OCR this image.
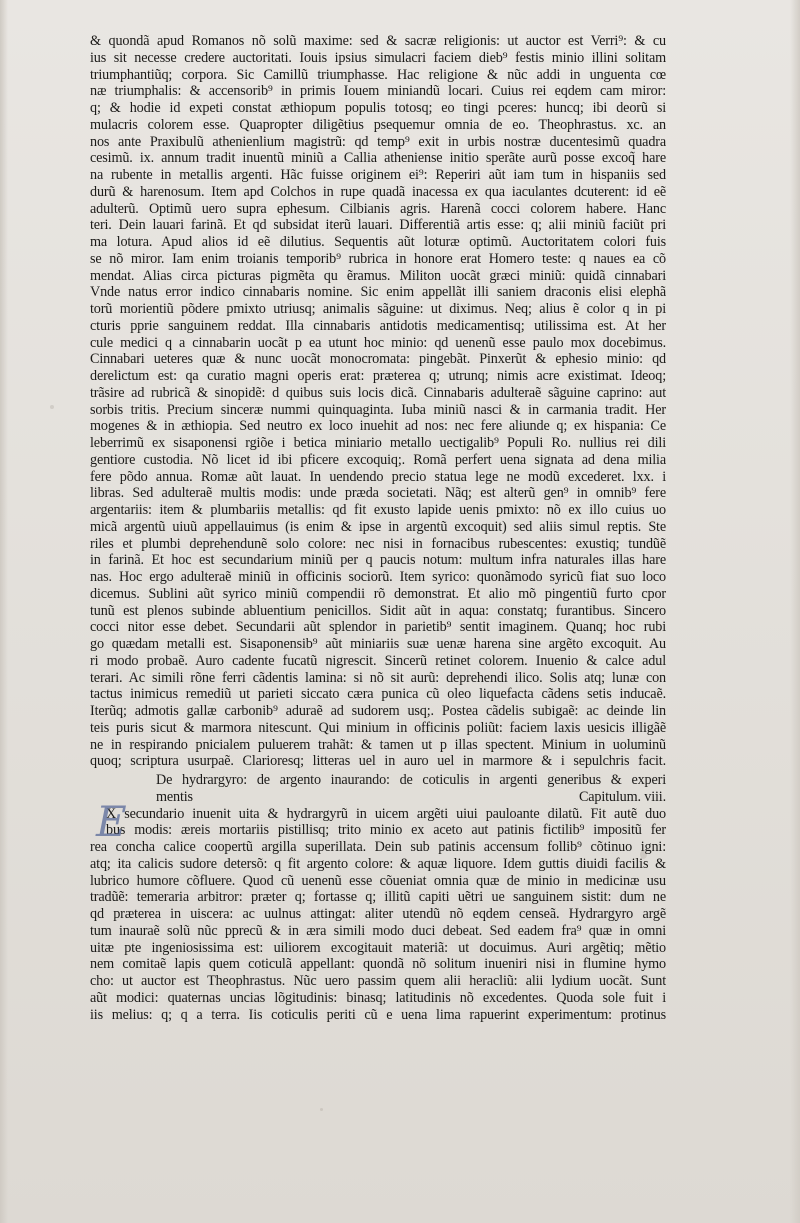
& quondã apud Romanos nõ solũ maxime: sed & sacræ religionis: ut auctor est Verri⁹: & cu
ius sit necesse credere auctoritati. Iouis ipsius simulacri faciem dieb⁹ festis minio illini solitam
triumphantiũq; corpora. Sic Camillũ triumphasse. Hac religione & nũc addi in unguenta cœ
næ triumphalis: & accensorib⁹ in primis Iouem miniandũ locari. Cuius rei eqdem cam miror:
q; & hodie id expeti constat æthiopum populis totosq; eo tingi pceres: huncq; ibi deorũ si
mulacris colorem esse. Quapropter diligẽtius psequemur omnia de eo. Theophrastus. xc. an
nos ante Praxibulũ athenienlium magistrũ: qd temp⁹ exit in urbis nostræ ducentesimũ quadra
cesimũ. ix. annum tradit inuentũ miniũ a Callia atheniense initio sperãte aurũ posse excoq̃ hare
na rubente in metallis argenti. Hãc fuisse originem ei⁹: Reperiri aũt iam tum in hispaniis sed
durũ & harenosum. Item apd Colchos in rupe quadã inacessa ex qua iaculantes dcuterent: id eẽ
adulterũ. Optimũ uero supra ephesum. Cilbianis agris. Harenã cocci colorem habere. Hanc
teri. Dein lauari farinã. Et qd subsidat iterũ lauari. Differentiã artis esse: q; alii miniũ faciũt pri
ma lotura. Apud alios id eẽ dilutius. Sequentis aũt loturæ optimũ. Auctoritatem colori fuis
se nõ miror. Iam enim troianis temporib⁹ rubrica in honore erat Homero teste: q naues ea cõ
mendat. Alias circa picturas pigmẽta qu ẽramus. Militon uocãt græci miniũ: quidã cinnabari
Vnde natus error indico cinnabaris nomine. Sic enim appellãt illi saniem draconis elisi elephã
torũ morientiũ põdere pmixto utriusq; animalis sãguine: ut diximus. Neq; alius ẽ color q in pi
cturis pprie sanguinem reddat. Illa cinnabaris antidotis medicamentisq; utilissima est. At her
cule medici q a cinnabarin uocãt p ea utunt hoc minio: qd uenenũ esse paulo mox docebimus.
Cinnabari ueteres quæ & nunc uocãt monocromata: pingebãt. Pinxerũt & ephesio minio: qd
derelictum est: qa curatio magni operis erat: præterea q; utrunq; nimis acre existimat. Ideoq;
trãsire ad rubricã & sinopidẽ: d quibus suis locis dicã. Cinnabaris adulteraẽ sãguine caprino: aut
sorbis tritis. Precium sinceræ nummi quinquaginta. Iuba miniũ nasci & in carmania tradit. Her
mogenes & in æthiopia. Sed neutro ex loco inuehit ad nos: nec fere aliunde q; ex hispania: Ce
leberrimũ ex sisaponensi rgiõe i betica miniario metallo uectigalib⁹ Populi Ro. nullius rei dili
gentiore custodia. Nõ licet id ibi pficere excoquiq;. Romã perfert uena signata ad dena milia
fere põdo annua. Romæ aũt lauat. In uendendo precio statua lege ne modũ excederet. lxx. i
libras. Sed adulteraẽ multis modis: unde præda societati. Nãq; est alterũ gen⁹ in omnib⁹ fere
argentariis: item & plumbariis metallis: qd fit exusto lapide uenis pmixto: nõ ex illo cuius uo
micã argentũ uiuũ appellauimus (is enim & ipse in argentũ excoquit) sed aliis simul reptis. Ste
riles et plumbi deprehendunẽ solo colore: nec nisi in fornacibus rubescentes: exustiq; tundũẽ
in farinã. Et hoc est secundarium miniũ per q paucis notum: multum infra naturales illas hare
nas. Hoc ergo adulteraẽ miniũ in officinis sociorũ. Item syrico: quonãmodo syricũ fiat suo loco
dicemus. Sublini aũt syrico miniũ compendii rõ demonstrat. Et alio mõ pingentiũ furto cpor
tunũ est plenos subinde abluentium penicillos. Sidit aũt in aqua: constatq; furantibus. Sincero
cocci nitor esse debet. Secundarii aũt splendor in parietib⁹ sentit imaginem. Quanq; hoc rubi
go quædam metalli est. Sisaponensib⁹ aũt miniariis suæ uenæ harena sine argẽto excoquit. Au
ri modo probaẽ. Auro cadente fucatũ nigrescit. Sincerũ retinet colorem. Inuenio & calce adul
terari. Ac simili rõne ferri cãdentis lamina: si nõ sit aurũ: deprehendi ilico. Solis atq; lunæ con
tactus inimicus remediũ ut parieti siccato cæra punica cũ oleo liquefacta cãdens setis inducaẽ.
Iterũq; admotis gallæ carbonib⁹ aduraẽ ad sudorem usq;. Postea cãdelis subigaẽ: ac deinde lin
teis puris sicut & marmora nitescunt. Qui minium in officinis poliũt: faciem laxis uesicis illigãẽ
ne in respirando pnicialem puluerem trahãt: & tamen ut p illas spectent. Minium in uoluminũ
quoq; scriptura usurpaẽ. Clarioresq; litteras uel in auro uel in marmore & i sepulchris facit.
De hydrargyro: de argento inaurando: de coticulis in argenti generibus & experi
mentis	Capitulum. viii.
E
X secundario inuenit uita & hydrargyrũ in uicem argẽti uiui pauloante dilatũ. Fit autẽ duo
bus modis: æreis mortariis pistillisq; trito minio ex aceto aut patinis fictilib⁹ impositũ fer
rea concha calice coopertũ argilla superillata. Dein sub patinis accensum follib⁹ cõtinuo igni:
atq; ita calicis sudore detersõ: q fit argento colore: & aquæ liquore. Idem guttis diuidi facilis &
lubrico humore cõfluere. Quod cũ uenenũ esse cõueniat omnia quæ de minio in medicinæ usu
tradũẽ: temeraria arbitror: præter q; fortasse q; illitũ capiti uẽtri ue sanguinem sistit: dum ne
qd præterea in uiscera: ac uulnus attingat: aliter utendũ nõ eqdem censeã. Hydrargyro argẽ
tum inauraẽ solũ nũc pprecũ & in æra simili modo duci debeat. Sed eadem fra⁹ quæ in omni
uitæ pte ingeniosissima est: uiliorem excogitauit materiã: ut docuimus. Auri argẽtiq; mẽtio
nem comitaẽ lapis quem coticulã appellant: quondã nõ solitum inueniri nisi in flumine hymo
cho: ut auctor est Theophrastus. Nũc uero passim quem alii heracliũ: alii lydium uocãt. Sunt
aũt modici: quaternas uncias lõgitudinis: binasq; latitudinis nõ excedentes. Quoda sole fuit i
iis melius: q; q a terra. Iis coticulis periti cũ e uena lima rapuerint experimentum: protinus
